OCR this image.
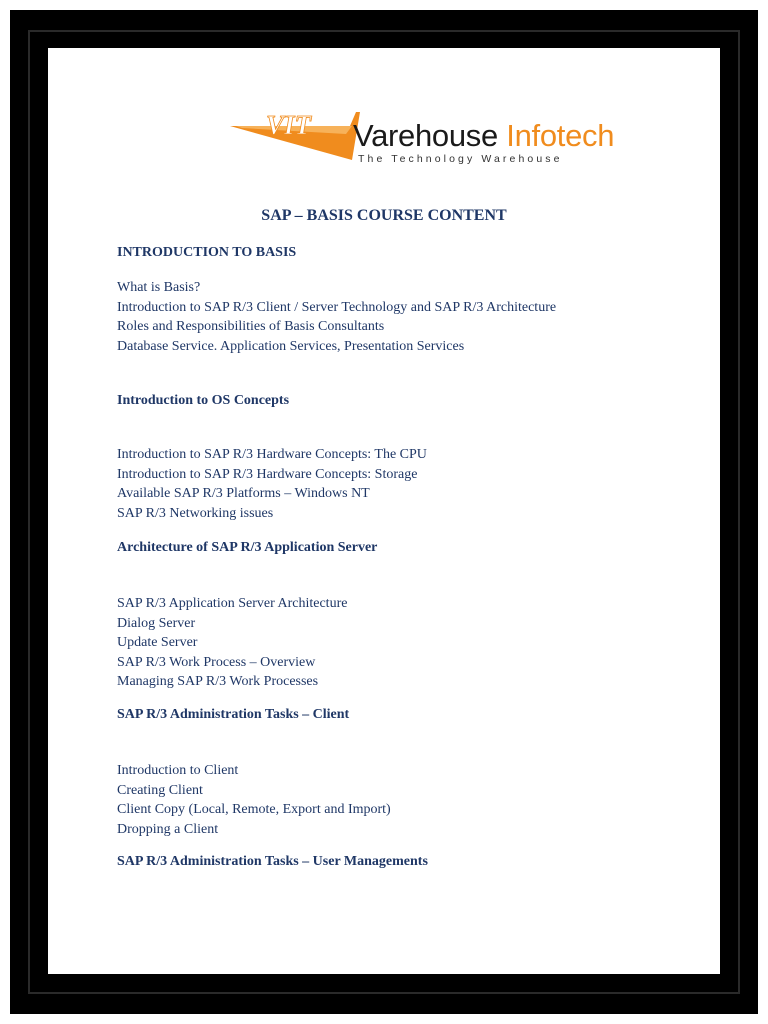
VIT Varehouse Infotech
The Technology Warehouse
SAP – BASIS COURSE CONTENT
INTRODUCTION TO BASIS
What is Basis?
Introduction to SAP R/3 Client / Server Technology and SAP R/3 Architecture
Roles and Responsibilities of Basis Consultants
Database Service. Application Services, Presentation Services
Introduction to OS Concepts
Introduction to SAP R/3 Hardware Concepts: The CPU
Introduction to SAP R/3 Hardware Concepts: Storage
Available SAP R/3 Platforms – Windows NT
SAP R/3 Networking issues
Architecture of SAP R/3 Application Server
SAP R/3 Application Server Architecture
Dialog Server
Update Server
SAP R/3 Work Process – Overview
Managing SAP R/3 Work Processes
SAP R/3 Administration Tasks – Client
Introduction to Client
Creating Client
Client Copy (Local, Remote, Export and Import)
Dropping a Client
SAP R/3 Administration Tasks – User Managements
